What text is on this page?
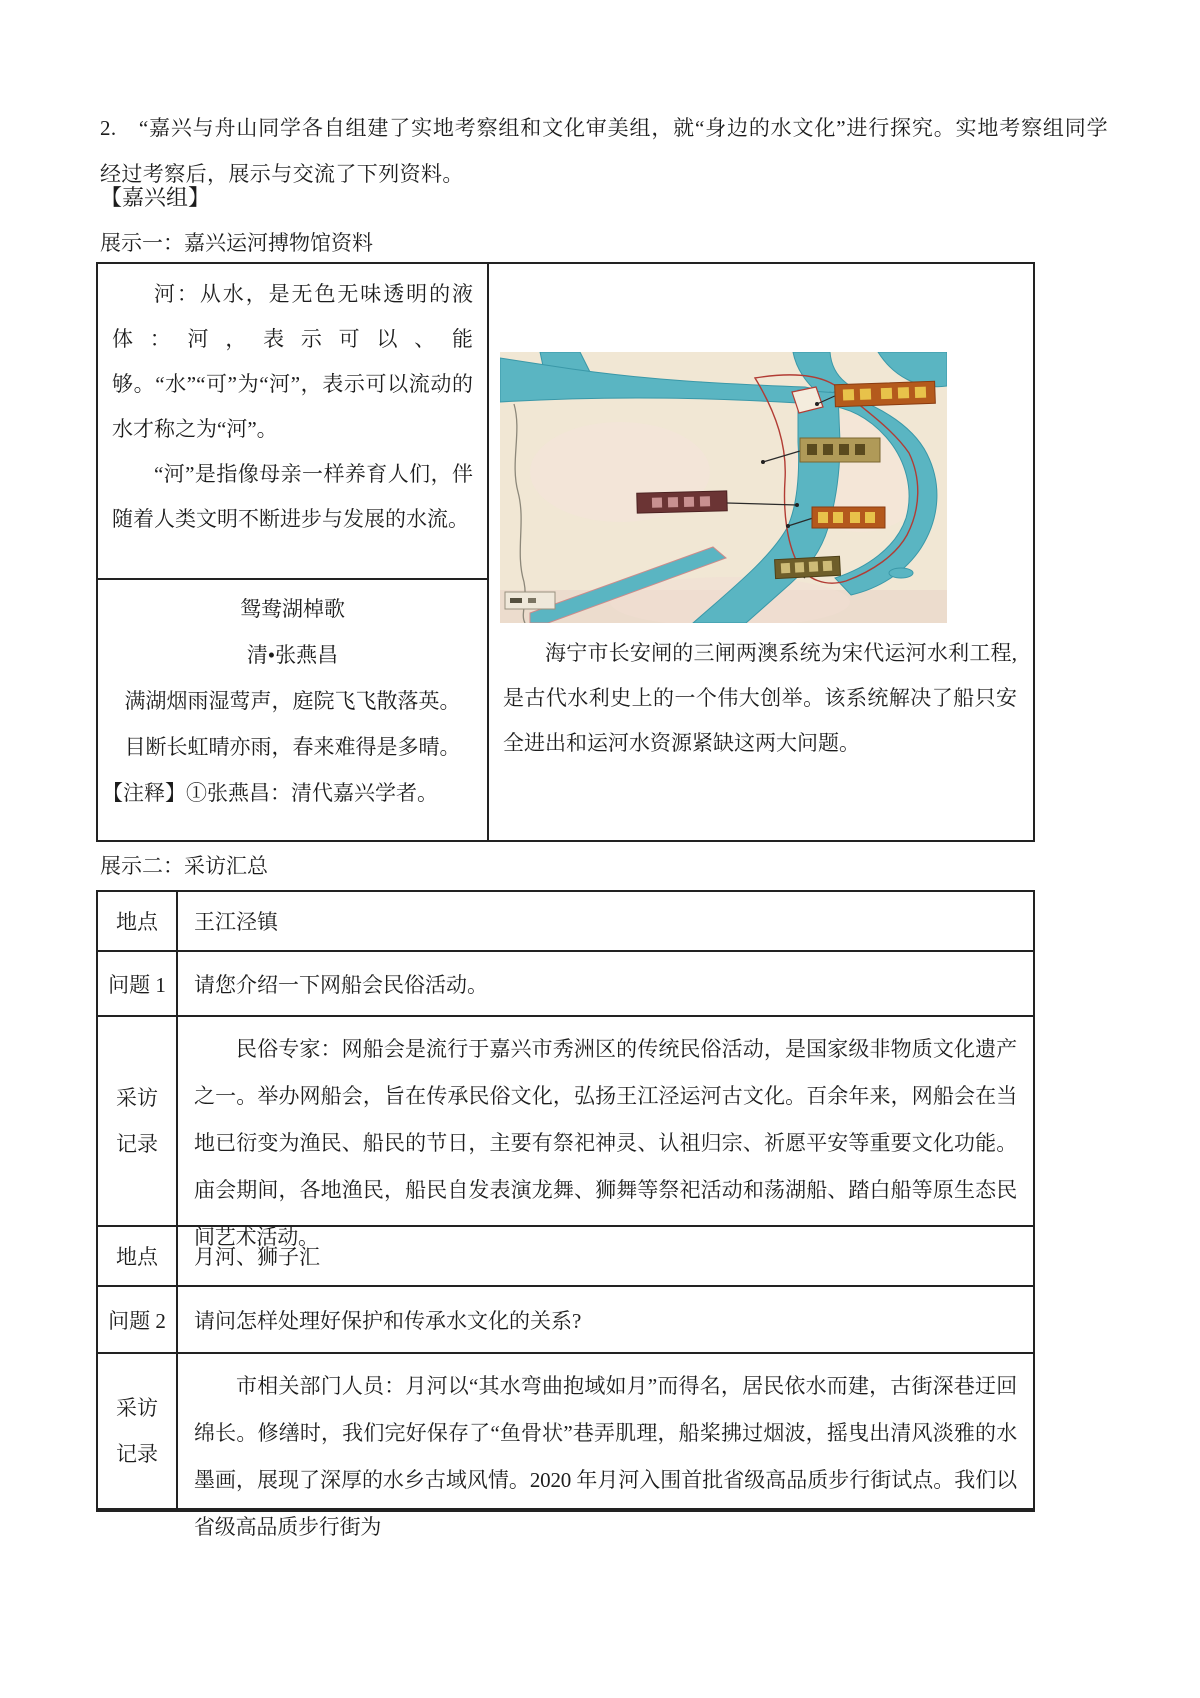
2.　“嘉兴与舟山同学各自组建了实地考察组和文化审美组，就“身边的水文化”进行探究。实地考察组同学经过考察后，展示与交流了下列资料。

【嘉兴组】
展示一：嘉兴运河搏物馆资料

河：从水，是无色无味透明的液体：河，表示可以、能够。“水”“可”为“河”，表示可以流动的水才称之为“河”。

“河”是指像母亲一样养育人们，伴随着人类文明不断进步与发展的水流。

鸳鸯湖棹歌

清•张燕昌

满湖烟雨湿莺声，庭院飞飞散落英。

目断长虹晴亦雨，春来难得是多晴。

【注释】①张燕昌：清代嘉兴学者。

海宁市长安闸的三闸两澳系统为宋代运河水利工程,是古代水利史上的一个伟大创举。该系统解决了船只安全进出和运河水资源紧缺这两大问题。

展示二：采访汇总
地点	王江泾镇
问题 1	请您介绍一下网船会民俗活动。
采访记录
民俗专家：网船会是流行于嘉兴市秀洲区的传统民俗活动，是国家级非物质文化遗产之一。举办网船会，旨在传承民俗文化，弘扬王江泾运河古文化。百余年来，网船会在当地已衍变为渔民、船民的节日，主要有祭祀神灵、认祖归宗、祈愿平安等重要文化功能。庙会期间，各地渔民，船民自发表演龙舞、狮舞等祭祀活动和荡湖船、踏白船等原生态民间艺术活动。
地点	月河、狮子汇
问题 2	请问怎样处理好保护和传承水文化的关系?
采访记录
市相关部门人员：月河以“其水弯曲抱域如月”而得名，居民依水而建，古街深巷迂回绵长。修缮时，我们完好保存了“鱼骨状”巷弄肌理，船桨拂过烟波，摇曳出清风淡雅的水墨画，展现了深厚的水乡古域风情。2020 年月河入围首批省级高品质步行街试点。我们以省级高品质步行街为
